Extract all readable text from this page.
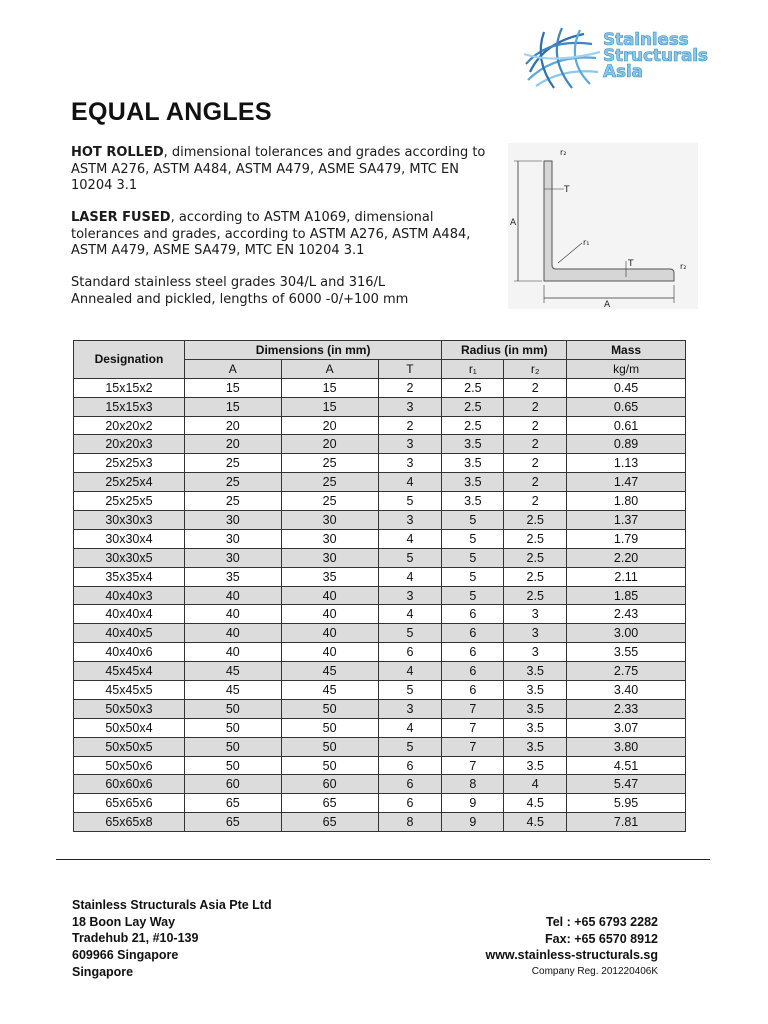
Stainless
Structurals
Asia
EQUAL ANGLES
HOT ROLLED, dimensional tolerances and grades according to ASTM A276, ASTM A484, ASTM A479, ASME SA479, MTC EN 10204 3.1
LASER FUSED, according to ASTM A1069, dimensional tolerances and grades, according to ASTM A276, ASTM A484, ASTM A479, ASME SA479, MTC EN 10204 3.1
Standard stainless steel grades 304/L and 316/L
Annealed and pickled, lengths of 6000 -0/+100 mm
r₂
T
A
r₁
T	r₂
A
Designation	Dimensions (in mm)			Radius (in mm)		Mass
	A	A	T	r₁	r₂	kg/m
15x15x2	15	15	2	2.5	2	0.45
15x15x3	15	15	3	2.5	2	0.65
20x20x2	20	20	2	2.5	2	0.61
20x20x3	20	20	3	3.5	2	0.89
25x25x3	25	25	3	3.5	2	1.13
25x25x4	25	25	4	3.5	2	1.47
25x25x5	25	25	5	3.5	2	1.80
30x30x3	30	30	3	5	2.5	1.37
30x30x4	30	30	4	5	2.5	1.79
30x30x5	30	30	5	5	2.5	2.20
35x35x4	35	35	4	5	2.5	2.11
40x40x3	40	40	3	5	2.5	1.85
40x40x4	40	40	4	6	3	2.43
40x40x5	40	40	5	6	3	3.00
40x40x6	40	40	6	6	3	3.55
45x45x4	45	45	4	6	3.5	2.75
45x45x5	45	45	5	6	3.5	3.40
50x50x3	50	50	3	7	3.5	2.33
50x50x4	50	50	4	7	3.5	3.07
50x50x5	50	50	5	7	3.5	3.80
50x50x6	50	50	6	7	3.5	4.51
60x60x6	60	60	6	8	4	5.47
65x65x6	65	65	6	9	4.5	5.95
65x65x8	65	65	8	9	4.5	7.81
Stainless Structurals Asia Pte Ltd
18 Boon Lay Way
Tradehub 21, #10-139
609966 Singapore
Singapore
Tel : +65 6793 2282
Fax: +65 6570 8912
www.stainless-structurals.sg
Company Reg. 201220406K
